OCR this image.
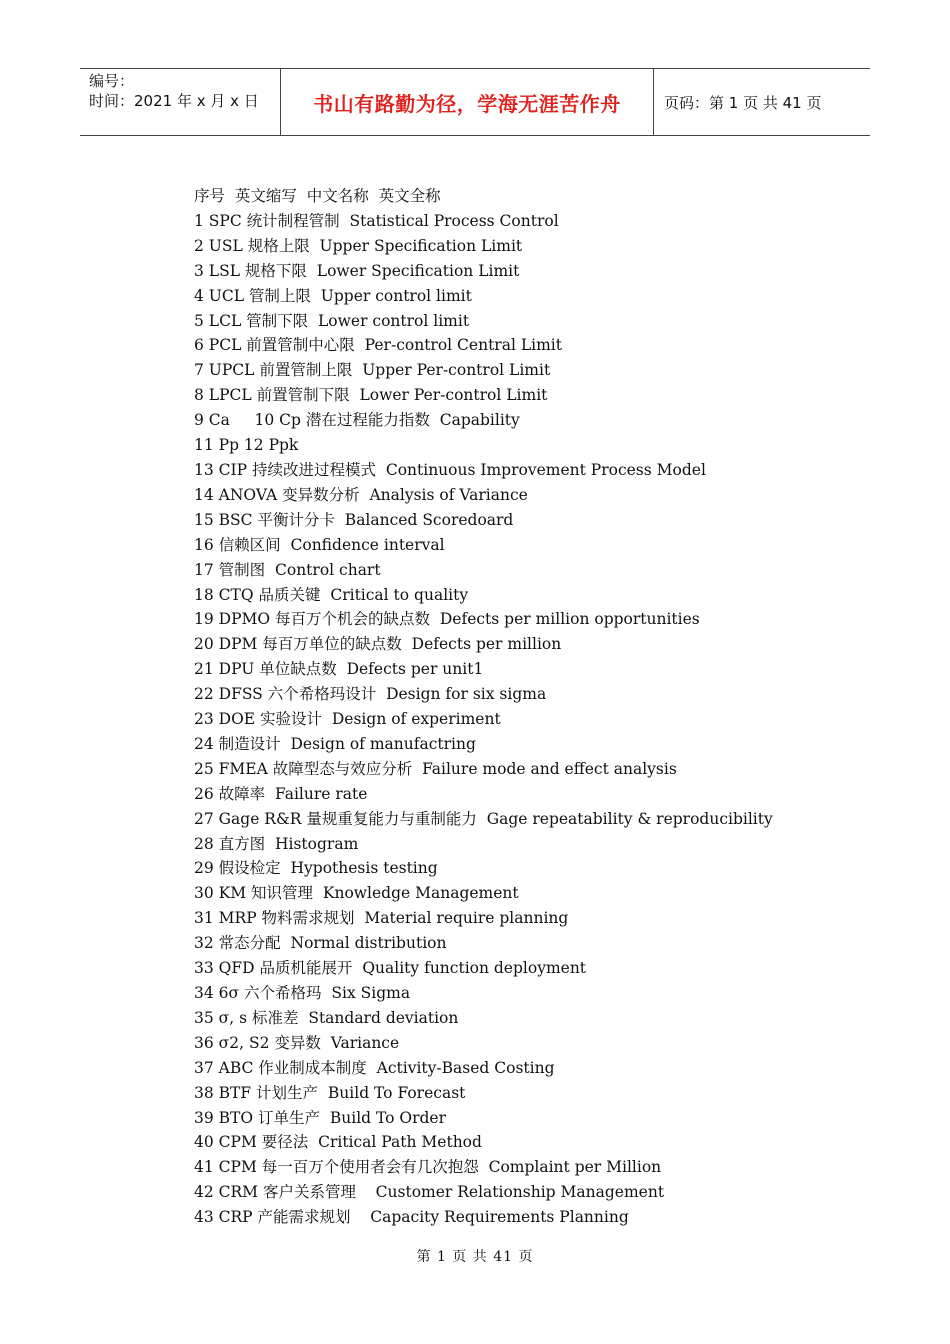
编号：
时间：2021 年 x 月 x 日	书山有路勤为径，学海无涯苦作舟	页码：第 1 页 共 41 页
序号  英文缩写  中文名称  英文全称
1 SPC 统计制程管制  Statistical Process Control
2 USL 规格上限  Upper Specification Limit
3 LSL 规格下限  Lower Specification Limit
4 UCL 管制上限  Upper control limit
5 LCL 管制下限  Lower control limit
6 PCL 前置管制中心限  Per-control Central Limit
7 UPCL 前置管制上限  Upper Per-control Limit
8 LPCL 前置管制下限  Lower Per-control Limit
9 Ca     10 Cp 潜在过程能力指数  Capability
11 Pp 12 Ppk
13 CIP 持续改进过程模式  Continuous Improvement Process Model
14 ANOVA 变异数分析  Analysis of Variance
15 BSC 平衡计分卡  Balanced Scoredoard
16 信赖区间  Confidence interval
17 管制图  Control chart
18 CTQ 品质关键  Critical to quality
19 DPMO 每百万个机会的缺点数  Defects per million opportunities
20 DPM 每百万单位的缺点数  Defects per million
21 DPU 单位缺点数  Defects per unit1
22 DFSS 六个希格玛设计  Design for six sigma
23 DOE 实验设计  Design of experiment
24 制造设计  Design of manufactring
25 FMEA 故障型态与效应分析  Failure mode and effect analysis
26 故障率  Failure rate
27 Gage R&R 量规重复能力与重制能力  Gage repeatability & reproducibility
28 直方图  Histogram
29 假设检定  Hypothesis testing
30 KM 知识管理  Knowledge Management
31 MRP 物料需求规划  Material require planning
32 常态分配  Normal distribution
33 QFD 品质机能展开  Quality function deployment
34 6σ 六个希格玛  Six Sigma
35 σ, s 标准差  Standard deviation
36 σ2, S2 变异数  Variance
37 ABC 作业制成本制度  Activity-Based Costing
38 BTF 计划生产  Build To Forecast
39 BTO 订单生产  Build To Order
40 CPM 要径法  Critical Path Method
41 CPM 每一百万个使用者会有几次抱怨  Complaint per Million
42 CRM 客户关系管理    Customer Relationship Management
43 CRP 产能需求规划    Capacity Requirements Planning
第 1 页 共 41 页
